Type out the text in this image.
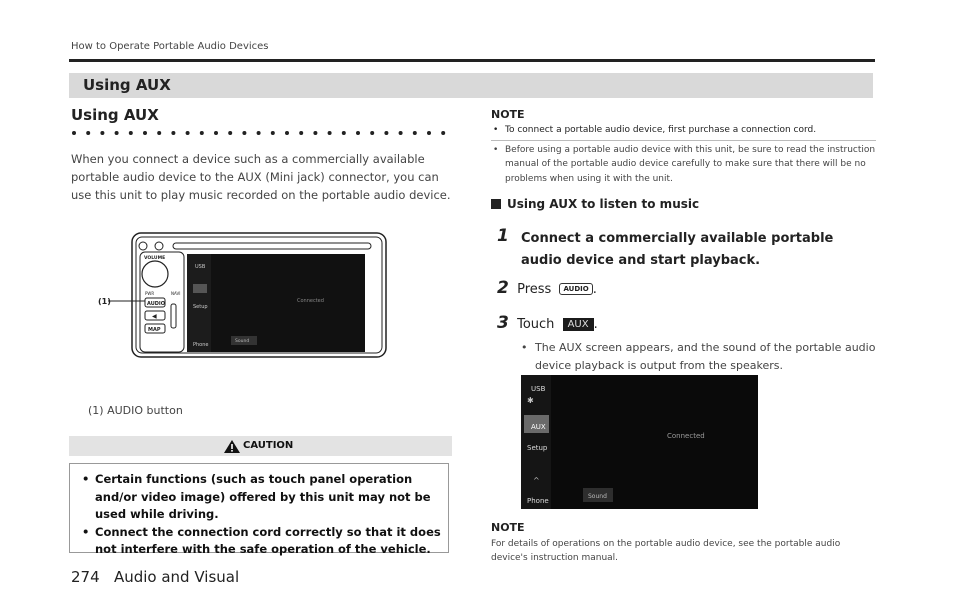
How to Operate Portable Audio Devices
Using AUX
Using AUX
When you connect a device such as a commercially available portable audio device to the AUX (Mini jack) connector, you can use this unit to play music recorded on the portable audio device.
USB
Setup
Phone
Connected
Sound
VOLUME
PWR	NAVI
AUDIO
◀
MAP
(1)
(1) AUDIO button
CAUTION
• Certain functions (such as touch panel operation and/or video image) offered by this unit may not be used while driving.
• Connect the connection cord correctly so that it does not interfere with the safe operation of the vehicle.
274 Audio and Visual
NOTE
• To connect a portable audio device, first purchase a connection cord.
• Before using a portable audio device with this unit, be sure to read the instruction manual of the portable audio device carefully to make sure that there will be no problems when using it with the unit.
Using AUX to listen to music
1 Connect a commercially available portable audio device and start playback.
2 Press AUDIO .
3 Touch AUX .
• The AUX screen appears, and the sound of the portable audio device playback is output from the speakers.
USB
✱
AUX
Setup
^
Phone
Connected
Sound
NOTE
For details of operations on the portable audio device, see the portable audio device's instruction manual.
